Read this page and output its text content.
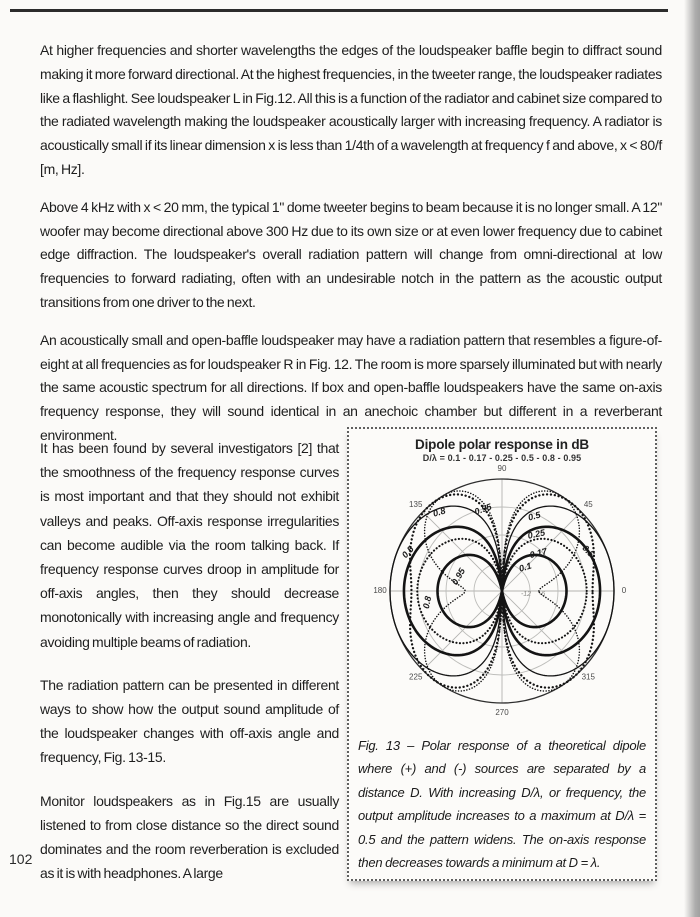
At higher frequencies and shorter wavelengths the edges of the loudspeaker baffle begin to diffract sound making it more forward directional. At the highest frequencies, in the tweeter range, the loudspeaker radiates like a flashlight. See loudspeaker L in Fig.12. All this is a function of the radiator and cabinet size compared to the radiated wavelength making the loudspeaker acoustically larger with increasing frequency. A radiator is acoustically small if its linear dimension x is less than 1/4th of a wavelength at frequency f and above, x < 80/f [m, Hz].

Above 4 kHz with x < 20 mm, the typical 1" dome tweeter begins to beam because it is no longer small. A 12" woofer may become directional above 300 Hz due to its own size or at even lower frequency due to cabinet edge diffraction. The loudspeaker's overall radiation pattern will change from omni-directional at low frequencies to forward radiating, often with an undesirable notch in the pattern as the acoustic output transitions from one driver to the next.

An acoustically small and open-baffle loudspeaker may have a radiation pattern that resembles a figure-of-eight at all frequencies as for loudspeaker R in Fig. 12. The room is more sparsely illuminated but with nearly the same acoustic spectrum for all directions. If box and open-baffle loudspeakers have the same on-axis frequency response, they will sound identical in an anechoic chamber but different in a reverberant environment.

It has been found by several investigators [2] that the smoothness of the frequency response curves is most important and that they should not exhibit valleys and peaks. Off-axis response irregularities can become audible via the room talking back. If frequency response curves droop in amplitude for off-axis angles, then they should decrease monotonically with increasing angle and frequency avoiding multiple beams of radiation.

The radiation pattern can be presented in different ways to show how the output sound amplitude of the loudspeaker changes with off-axis angle and frequency, Fig. 13-15.

Monitor loudspeakers as in Fig.15 are usually listened to from close distance so the direct sound dominates and the room reverberation is excluded as it is with headphones. A large

Dipole polar response in dB
D/λ = 0.1 - 0.17 - 0.25 - 0.5 - 0.8 - 0.95
0
45
90
135
180
225
270
315
-12 -6
0.8	0.95	0.5
0.25
0.17
0.1
0.95
0.8
0.5	0.5
Fig. 13 – Polar response of a theoretical dipole where (+) and (-) sources are separated by a distance D. With increasing D/λ, or frequency, the output amplitude increases to a maximum at D/λ = 0.5 and the pattern widens. The on-axis response then decreases towards a minimum at D = λ.
102
